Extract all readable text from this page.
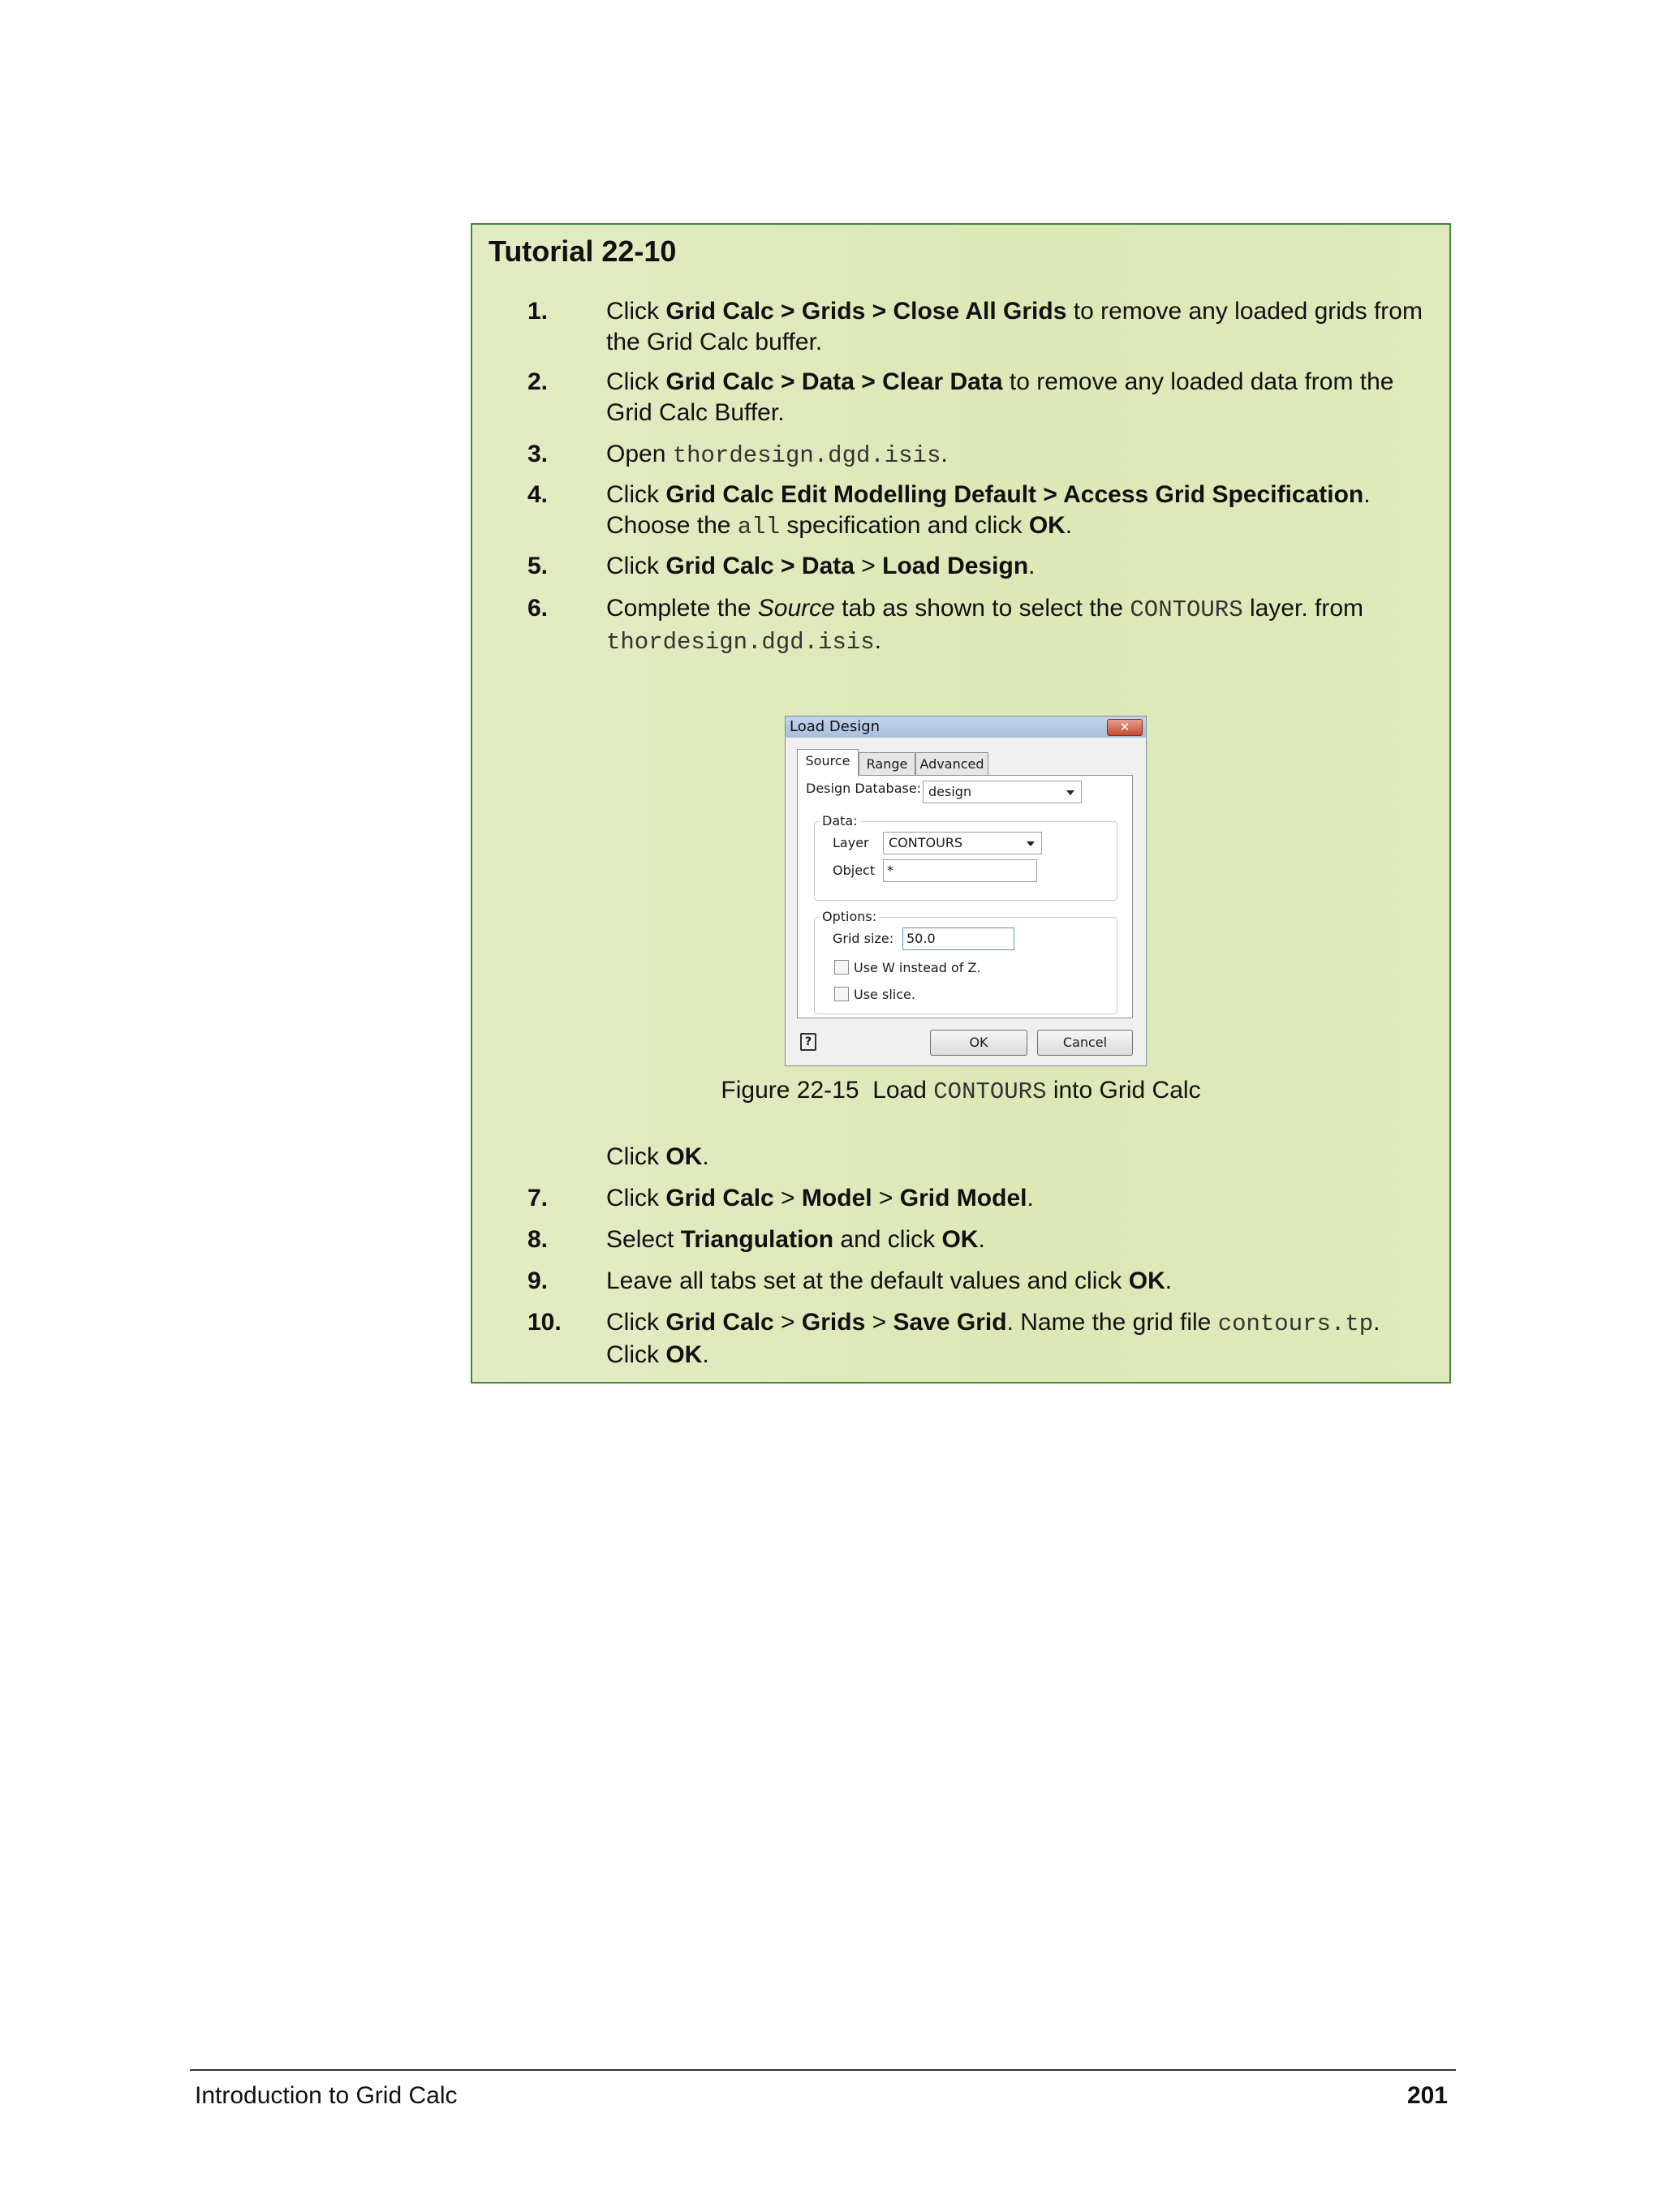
Tutorial 22-10
1.	Click Grid Calc > Grids > Close All Grids to remove any loaded grids from the Grid Calc buffer.
2.	Click Grid Calc > Data > Clear Data to remove any loaded data from the Grid Calc Buffer.
3.	Open thordesign.dgd.isis.
4.	Click Grid Calc Edit Modelling Default > Access Grid Specification. Choose the all specification and click OK.
5.	Click Grid Calc > Data > Load Design.
6.	Complete the Source tab as shown to select the CONTOURS layer. from thordesign.dgd.isis.
Load Design	✕
Source	Range Advanced
Design Database: design
Data:
Layer	CONTOURS
Object *
Options:
Grid size: 50.0
Use W instead of Z.
Use slice.
?	OK	Cancel
Figure 22-15  Load CONTOURS into Grid Calc
Click OK.
7.	Click Grid Calc > Model > Grid Model.
8.	Select Triangulation and click OK.
9.	Leave all tabs set at the default values and click OK.
10.	Click Grid Calc > Grids > Save Grid. Name the grid file contours.tp. Click OK.
Introduction to Grid Calc	201
